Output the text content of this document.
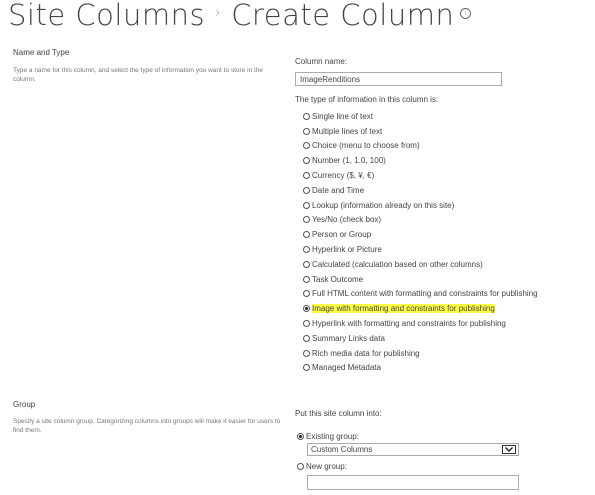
Site Columns › Create Column i
Name and Type
Type a name for this column, and select the type of information you want to store in the column.
Column name:
ImageRenditions
The type of information in this column is:
Single line of text
Multiple lines of text
Choice (menu to choose from)
Number (1, 1.0, 100)
Currency ($, ¥, €)
Date and Time
Lookup (information already on this site)
Yes/No (check box)
Person or Group
Hyperlink or Picture
Calculated (calculation based on other columns)
Task Outcome
Full HTML content with formatting and constraints for publishing
Image with formatting and constraints for publishing
Hyperlink with formatting and constraints for publishing
Summary Links data
Rich media data for publishing
Managed Metadata
Group
Specify a site column group. Categorizing columns into groups will make it easier for users to find them.
Put this site column into:
Existing group:
Custom Columns
New group:
